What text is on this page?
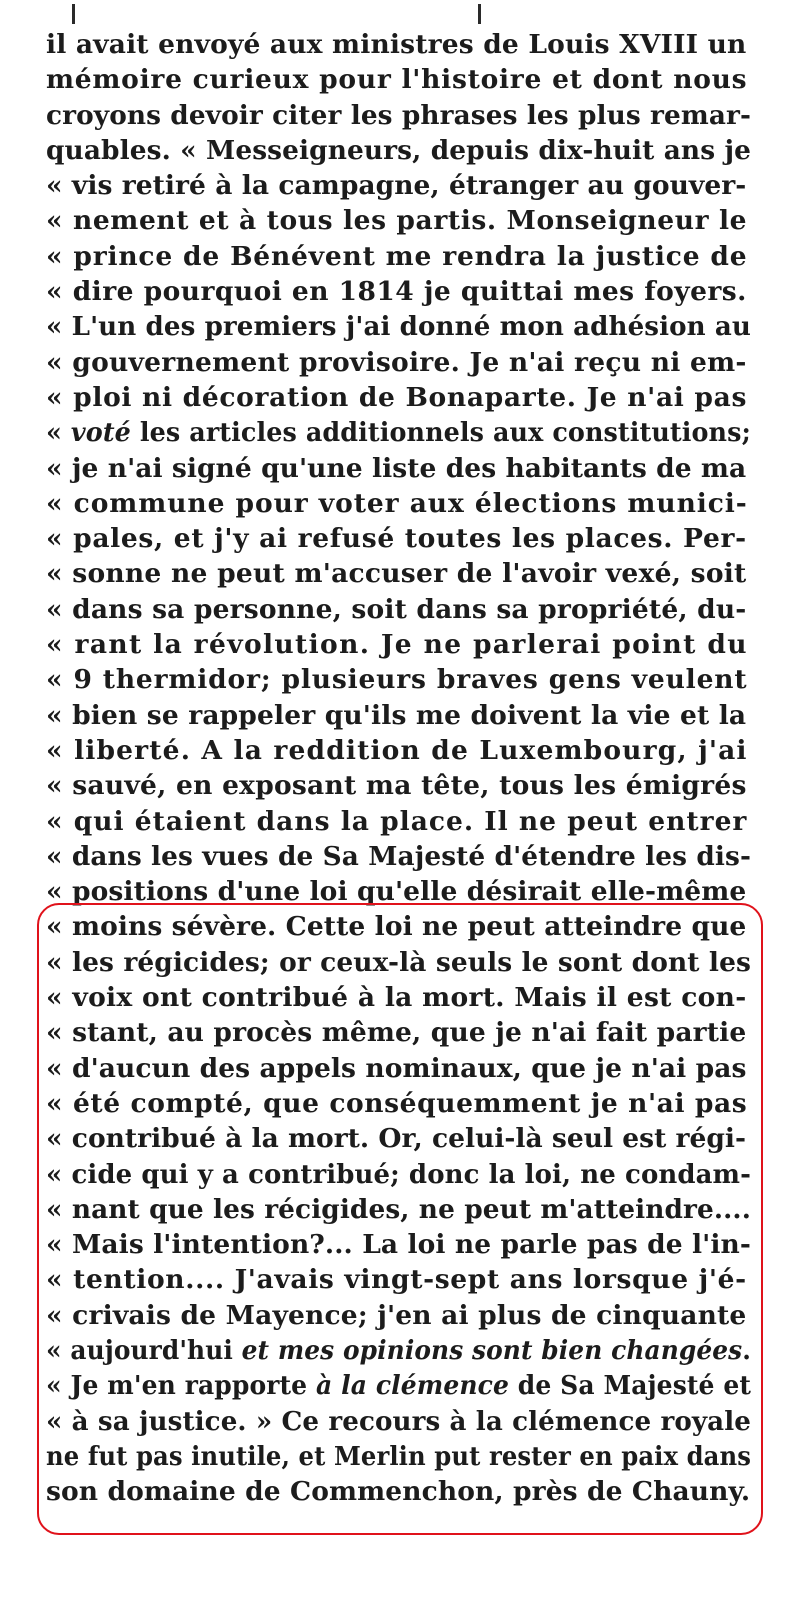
il avait envoyé aux ministres de Louis XVIII un
mémoire curieux pour l'histoire et dont nous
croyons devoir citer les phrases les plus remar-
quables. « Messeigneurs, depuis dix-huit ans je
« vis retiré à la campagne, étranger au gouver-
« nement et à tous les partis. Monseigneur le
« prince de Bénévent me rendra la justice de
« dire pourquoi en 1814 je quittai mes foyers.
« L'un des premiers j'ai donné mon adhésion au
« gouvernement provisoire. Je n'ai reçu ni em-
« ploi ni décoration de Bonaparte. Je n'ai pas
« voté les articles additionnels aux constitutions;
« je n'ai signé qu'une liste des habitants de ma
« commune pour voter aux élections munici-
« pales, et j'y ai refusé toutes les places. Per-
« sonne ne peut m'accuser de l'avoir vexé, soit
« dans sa personne, soit dans sa propriété, du-
« rant la révolution. Je ne parlerai point du
« 9 thermidor; plusieurs braves gens veulent
« bien se rappeler qu'ils me doivent la vie et la
« liberté. A la reddition de Luxembourg, j'ai
« sauvé, en exposant ma tête, tous les émigrés
« qui étaient dans la place. Il ne peut entrer
« dans les vues de Sa Majesté d'étendre les dis-
« positions d'une loi qu'elle désirait elle-même
« moins sévère. Cette loi ne peut atteindre que
« les régicides; or ceux-là seuls le sont dont les
« voix ont contribué à la mort. Mais il est con-
« stant, au procès même, que je n'ai fait partie
« d'aucun des appels nominaux, que je n'ai pas
« été compté, que conséquemment je n'ai pas
« contribué à la mort. Or, celui-là seul est régi-
« cide qui y a contribué; donc la loi, ne condam-
« nant que les récigides, ne peut m'atteindre....
« Mais l'intention?... La loi ne parle pas de l'in-
« tention.... J'avais vingt-sept ans lorsque j'é-
« crivais de Mayence; j'en ai plus de cinquante
« aujourd'hui et mes opinions sont bien changées.
« Je m'en rapporte à la clémence de Sa Majesté et
« à sa justice. » Ce recours à la clémence royale
ne fut pas inutile, et Merlin put rester en paix dans
son domaine de Commenchon, près de Chauny.
